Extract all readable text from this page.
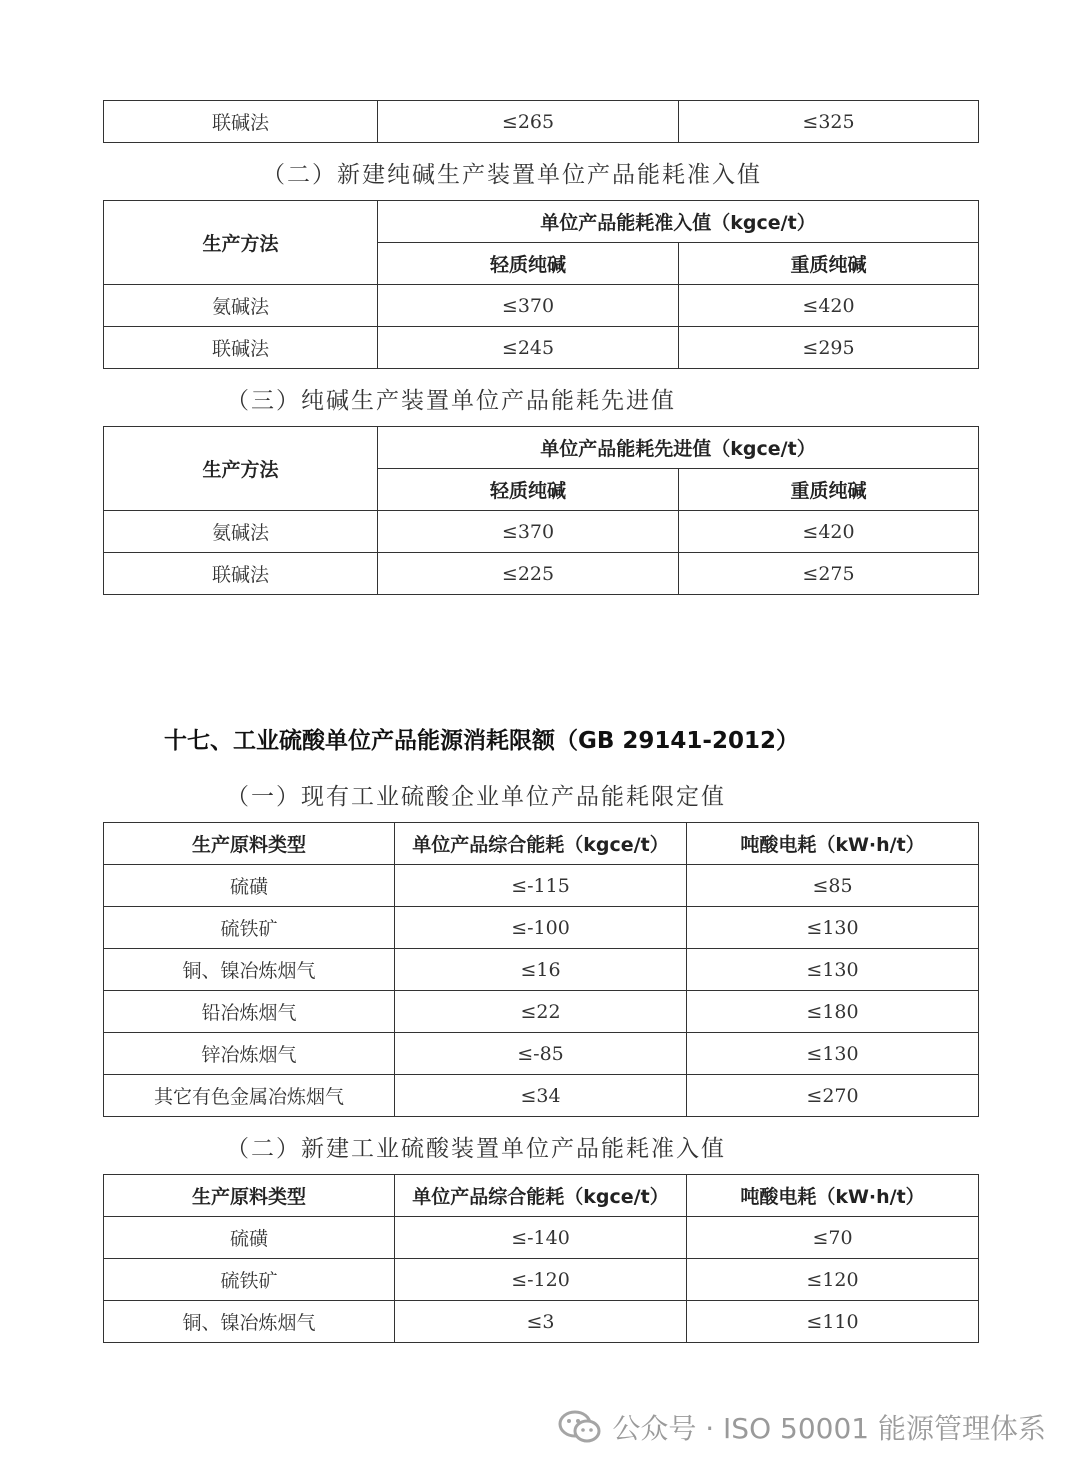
联碱法	≤265	≤325
（二）新建纯碱生产装置单位产品能耗准入值
生产方法	单位产品能耗准入值（kgce/t）	
	轻质纯碱	重质纯碱
氨碱法	≤370	≤420
联碱法	≤245	≤295
（三）纯碱生产装置单位产品能耗先进值
生产方法	单位产品能耗先进值（kgce/t）	
	轻质纯碱	重质纯碱
氨碱法	≤370	≤420
联碱法	≤225	≤275
十七、工业硫酸单位产品能源消耗限额（GB 29141-2012）
（一）现有工业硫酸企业单位产品能耗限定值
生产原料类型	单位产品综合能耗（kgce/t）	吨酸电耗（kW·h/t）
硫磺	≤-115	≤85
硫铁矿	≤-100	≤130
铜、镍冶炼烟气	≤16	≤130
铅冶炼烟气	≤22	≤180
锌冶炼烟气	≤-85	≤130
其它有色金属冶炼烟气	≤34	≤270
（二）新建工业硫酸装置单位产品能耗准入值
生产原料类型	单位产品综合能耗（kgce/t）	吨酸电耗（kW·h/t）
硫磺	≤-140	≤70
硫铁矿	≤-120	≤120
铜、镍冶炼烟气	≤3	≤110
公众号 · ISO 50001 能源管理体系
